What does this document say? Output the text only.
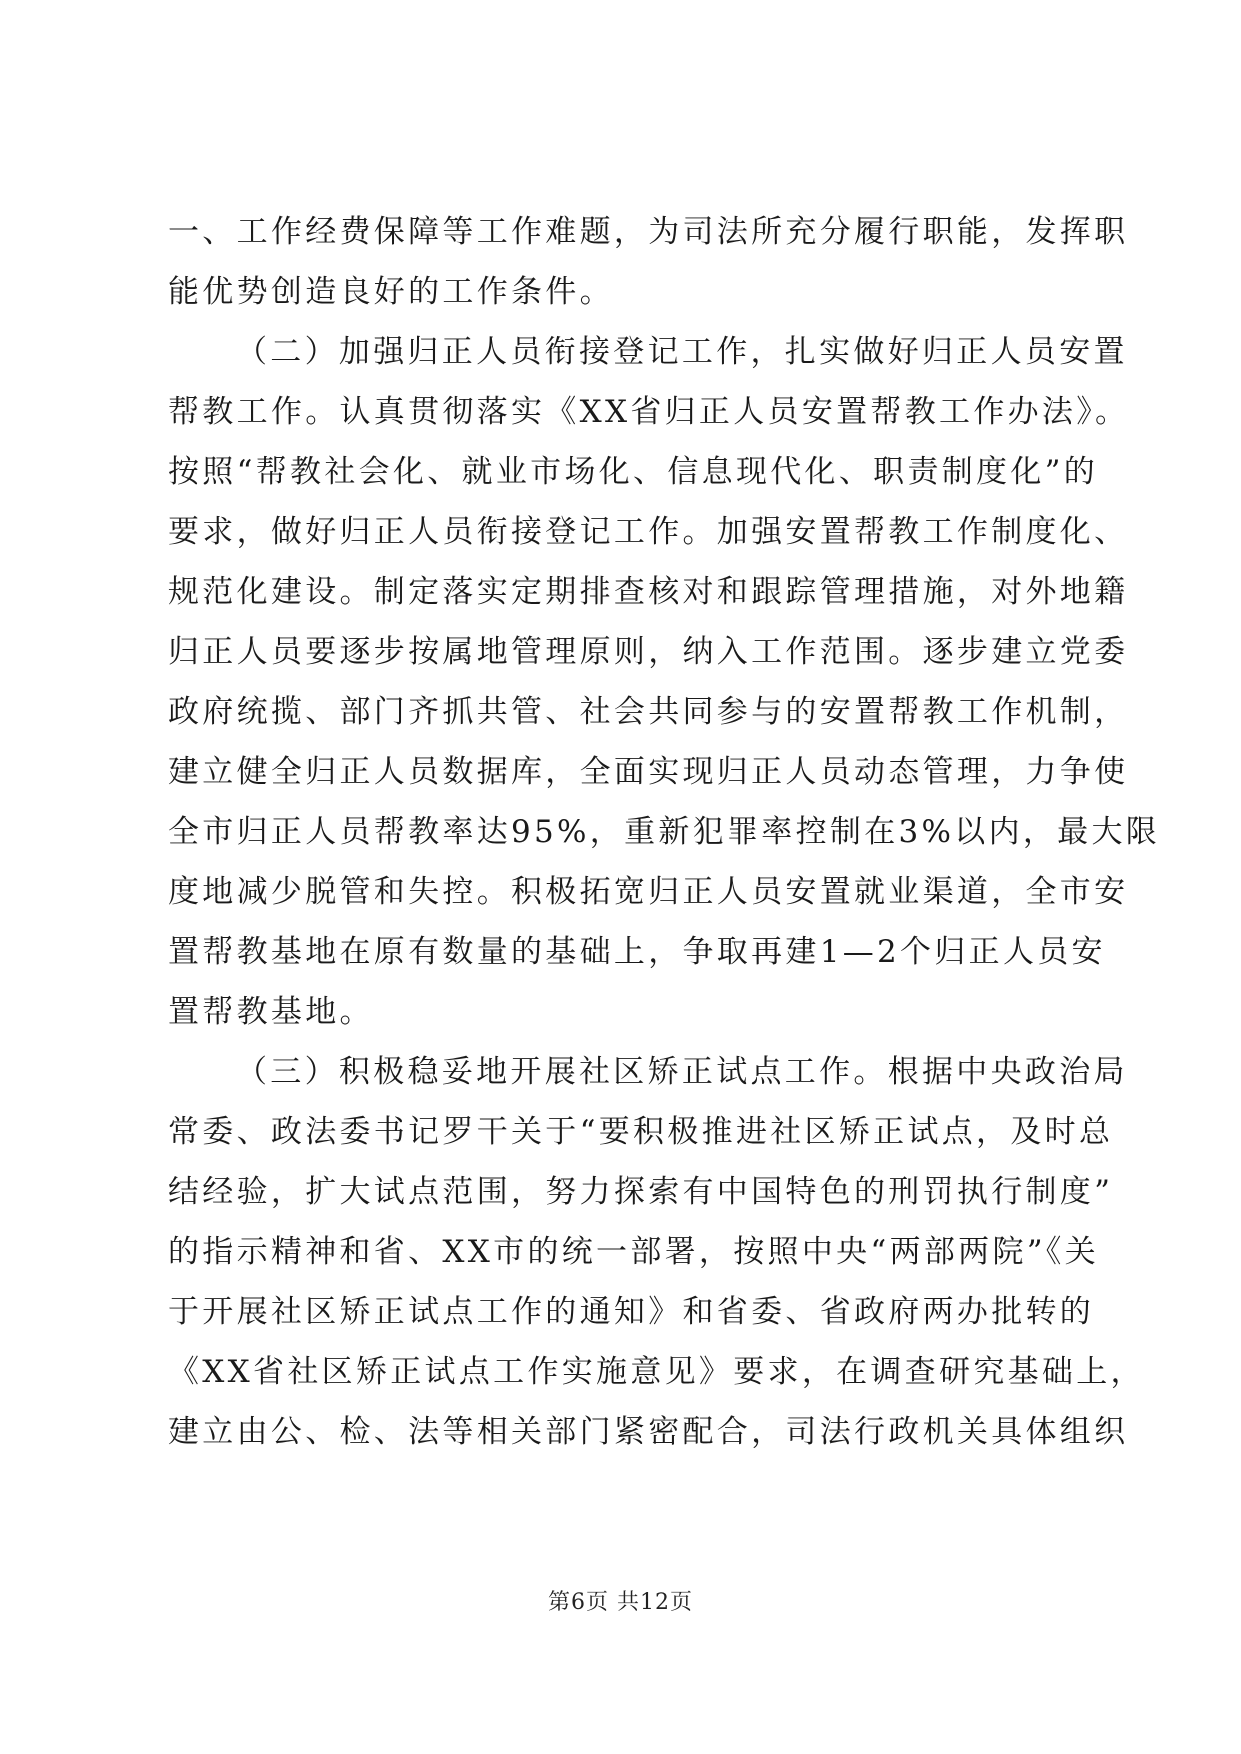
一、工作经费保障等工作难题，为司法所充分履行职能，发挥职
能优势创造良好的工作条件。
（二）加强归正人员衔接登记工作，扎实做好归正人员安置
帮教工作。认真贯彻落实《XX省归正人员安置帮教工作办法》。
按照“帮教社会化、就业市场化、信息现代化、职责制度化”的
要求，做好归正人员衔接登记工作。加强安置帮教工作制度化、
规范化建设。制定落实定期排查核对和跟踪管理措施，对外地籍
归正人员要逐步按属地管理原则，纳入工作范围。逐步建立党委
政府统揽、部门齐抓共管、社会共同参与的安置帮教工作机制，
建立健全归正人员数据库，全面实现归正人员动态管理，力争使
全市归正人员帮教率达95%，重新犯罪率控制在3%以内，最大限
度地减少脱管和失控。积极拓宽归正人员安置就业渠道，全市安
置帮教基地在原有数量的基础上，争取再建1—2个归正人员安
置帮教基地。
（三）积极稳妥地开展社区矫正试点工作。根据中央政治局
常委、政法委书记罗干关于“要积极推进社区矫正试点，及时总
结经验，扩大试点范围，努力探索有中国特色的刑罚执行制度”
的指示精神和省、XX市的统一部署，按照中央“两部两院”《关
于开展社区矫正试点工作的通知》和省委、省政府两办批转的
《XX省社区矫正试点工作实施意见》要求，在调查研究基础上，
建立由公、检、法等相关部门紧密配合，司法行政机关具体组织
第6页 共12页
